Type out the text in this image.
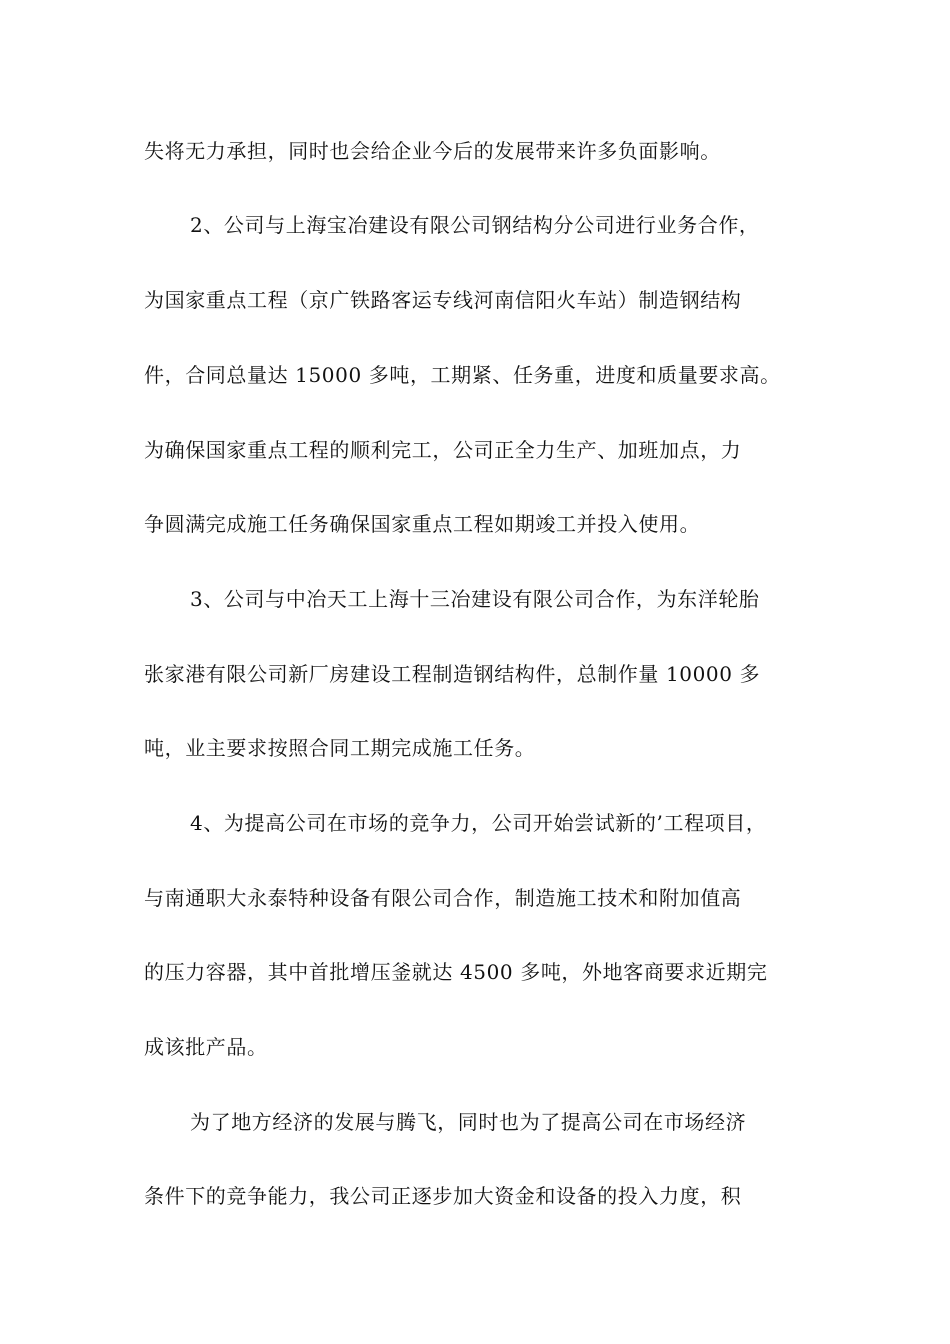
失将无力承担，同时也会给企业今后的发展带来许多负面影响。
2、公司与上海宝冶建设有限公司钢结构分公司进行业务合作，
为国家重点工程（京广铁路客运专线河南信阳火车站）制造钢结构
件，合同总量达 15000 多吨，工期紧、任务重，进度和质量要求高。
为确保国家重点工程的顺利完工，公司正全力生产、加班加点，力
争圆满完成施工任务确保国家重点工程如期竣工并投入使用。
3、公司与中冶天工上海十三冶建设有限公司合作，为东洋轮胎
张家港有限公司新厂房建设工程制造钢结构件，总制作量 10000 多
吨，业主要求按照合同工期完成施工任务。
4、为提高公司在市场的竞争力，公司开始尝试新的’工程项目，
与南通职大永泰特种设备有限公司合作，制造施工技术和附加值高
的压力容器，其中首批增压釜就达 4500 多吨，外地客商要求近期完
成该批产品。
为了地方经济的发展与腾飞，同时也为了提高公司在市场经济
条件下的竞争能力，我公司正逐步加大资金和设备的投入力度，积
